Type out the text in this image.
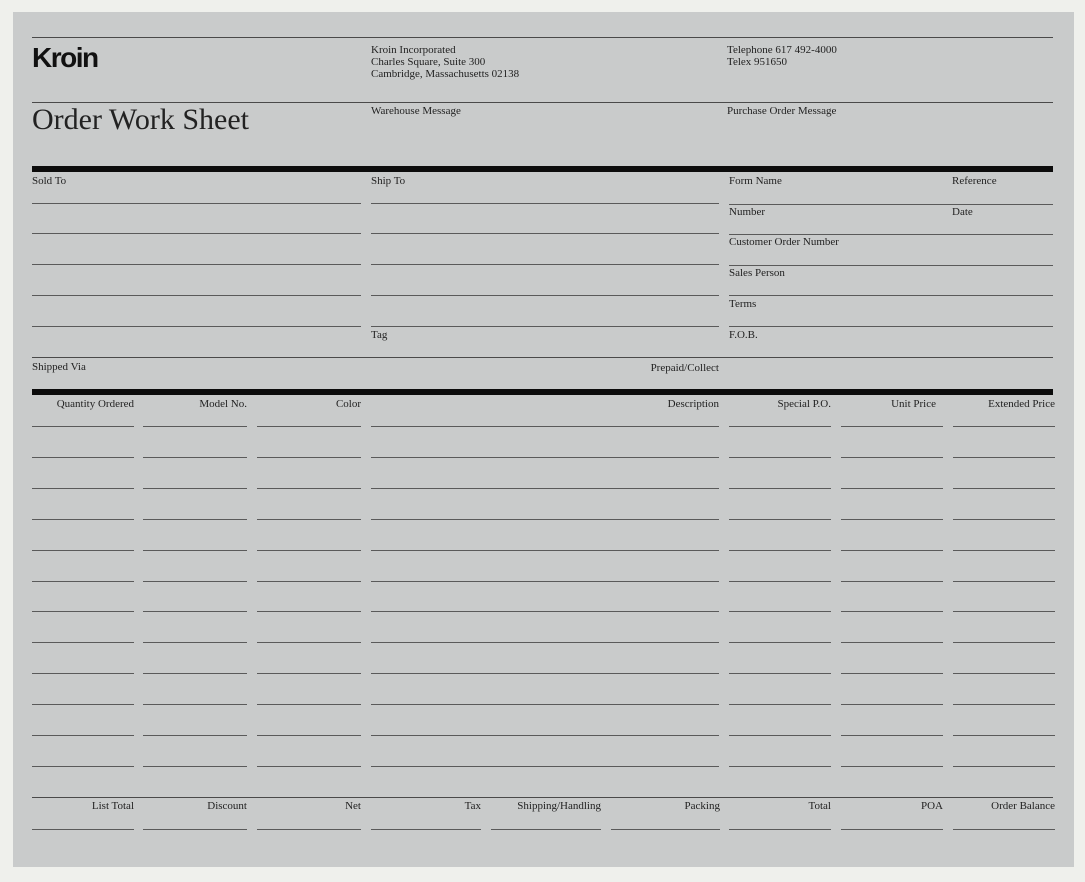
Kroin	Kroin Incorporated
Charles Square, Suite 300
Cambridge, Massachusetts 02138
Telephone 617 492-4000
Telex 951650
Order Work Sheet	Warehouse Message	Purchase Order Message
Sold To	Ship To
Tag
Form Name	Reference
Number	Date
Customer Order Number
Sales Person
Terms
F.O.B.
Shipped Via	Prepaid/Collect
Quantity Ordered	Model No.	Color	Description	Special P.O.	Unit Price	Extended Price
List Total	Discount	Net	Tax	Shipping/Handling	Packing	Total	POA	Order Balance
